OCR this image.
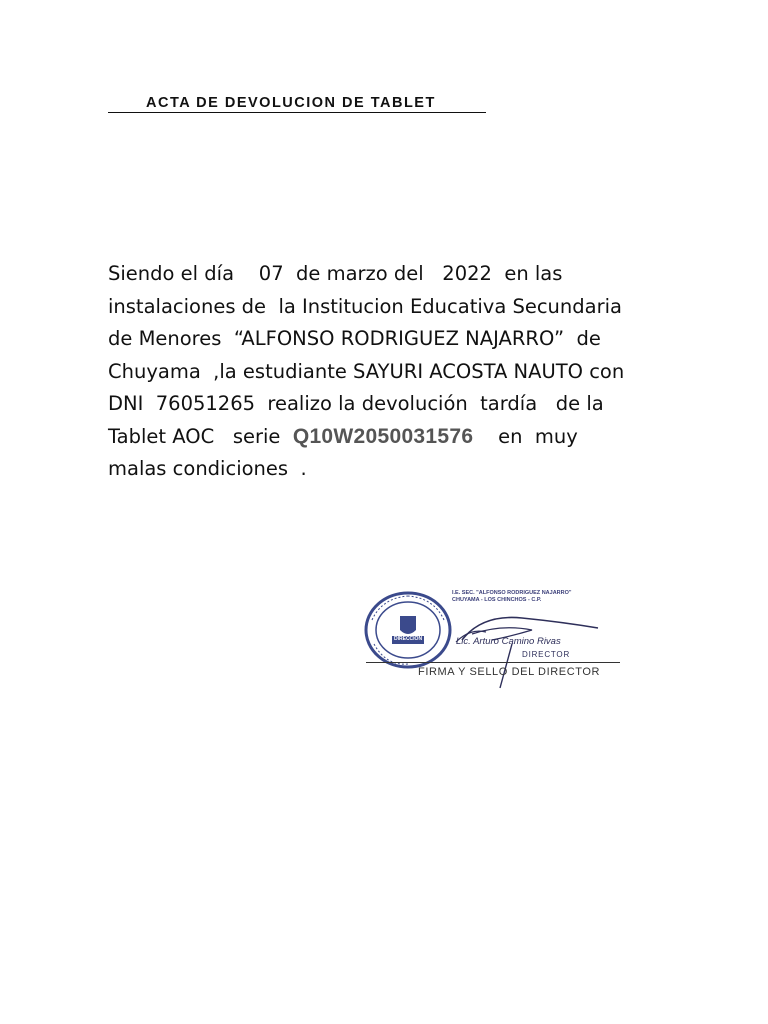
ACTA DE DEVOLUCION DE TABLET
Siendo el día    07  de marzo del   2022  en las
instalaciones de  la Institucion Educativa Secundaria
de Menores  “ALFONSO RODRIGUEZ NAJARRO”  de
Chuyama  ,la estudiante SAYURI ACOSTA NAUTO con
DNI  76051265  realizo la devolución  tardía   de la
Tablet AOC   serie  Q10W2050031576    en  muy
malas condiciones  .
DIRECCION
I.E. SEC. "ALFONSO RODRIGUEZ NAJARRO"
CHUYAMA - LOS CHINCHOS - C.P.
Lic. Arturo Camino Rivas
DIRECTOR
FIRMA Y SELLO DEL DIRECTOR
